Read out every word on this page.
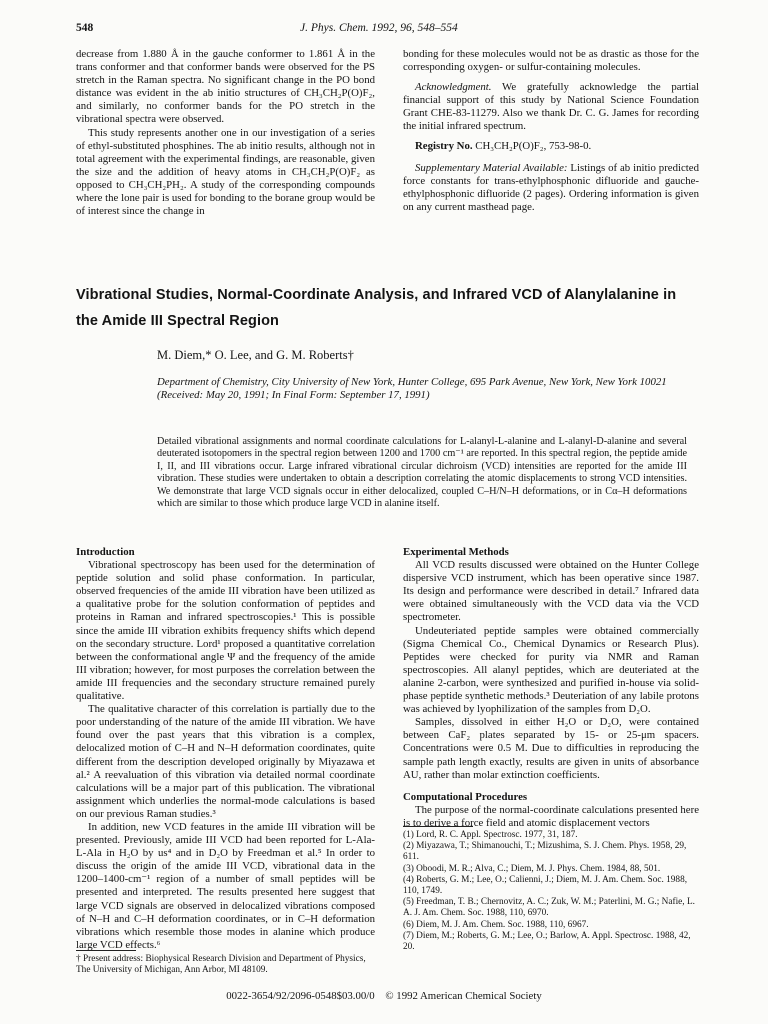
548	J. Phys. Chem. 1992, 96, 548–554

decrease from 1.880 Å in the gauche conformer to 1.861 Å in the trans conformer and that conformer bands were observed for the PS stretch in the Raman spectra. No significant change in the PO bond distance was evident in the ab initio structures of CH₃CH₂P(O)F₂, and similarly, no conformer bands for the PO stretch in the vibrational spectra were observed.

This study represents another one in our investigation of a series of ethyl-substituted phosphines. The ab initio results, although not in total agreement with the experimental findings, are reasonable, given the size and the addition of heavy atoms in CH₃CH₂P(O)F₂ as opposed to CH₃CH₂PH₂. A study of the corresponding compounds where the lone pair is used for bonding to the borane group would be of interest since the change in

bonding for these molecules would not be as drastic as those for the corresponding oxygen- or sulfur-containing molecules.

Acknowledgment. We gratefully acknowledge the partial financial support of this study by National Science Foundation Grant CHE-83-11279. Also we thank Dr. C. G. James for recording the initial infrared spectrum.

Registry No. CH₃CH₂P(O)F₂, 753-98-0.

Supplementary Material Available: Listings of ab initio predicted force constants for trans-ethylphosphonic difluoride and gauche-ethylphosphonic difluoride (2 pages). Ordering information is given on any current masthead page.

Vibrational Studies, Normal-Coordinate Analysis, and Infrared VCD of Alanylalanine in the Amide III Spectral Region
M. Diem,* O. Lee, and G. M. Roberts†
Department of Chemistry, City University of New York, Hunter College, 695 Park Avenue, New York, New York 10021 (Received: May 20, 1991; In Final Form: September 17, 1991)
Detailed vibrational assignments and normal coordinate calculations for L-alanyl-L-alanine and L-alanyl-D-alanine and several deuterated isotopomers in the spectral region between 1200 and 1700 cm⁻¹ are reported. In this spectral region, the peptide amide I, II, and III vibrations occur. Large infrared vibrational circular dichroism (VCD) intensities are reported for the amide III vibration. These studies were undertaken to obtain a description correlating the atomic displacements to strong VCD intensities. We demonstrate that large VCD signals occur in either delocalized, coupled C–H/N–H deformations, or in Cα–H deformations which are similar to those which produce large VCD in alanine itself.

Introduction

Vibrational spectroscopy has been used for the determination of peptide solution and solid phase conformation. In particular, observed frequencies of the amide III vibration have been utilized as a qualitative probe for the solution conformation of peptides and proteins in Raman and infrared spectroscopies.¹ This is possible since the amide III vibration exhibits frequency shifts which depend on the secondary structure. Lord¹ proposed a quantitative correlation between the conformational angle Ψ and the frequency of the amide III vibration; however, for most purposes the correlation between the amide III frequencies and the secondary structure remained purely qualitative.

The qualitative character of this correlation is partially due to the poor understanding of the nature of the amide III vibration. We have found over the past years that this vibration is a complex, delocalized motion of C–H and N–H deformation coordinates, quite different from the description developed originally by Miyazawa et al.² A reevaluation of this vibration via detailed normal coordinate calculations will be a major part of this publication. The vibrational assignment which underlies the normal-mode calculations is based on our previous Raman studies.³

In addition, new VCD features in the amide III vibration will be presented. Previously, amide III VCD had been reported for L-Ala-L-Ala in H₂O by us⁴ and in D₂O by Freedman et al.⁵ In order to discuss the origin of the amide III VCD, vibrational data in the 1200–1400-cm⁻¹ region of a number of small peptides will be presented and interpreted. The results presented here suggest that large VCD signals are observed in delocalized vibrations composed of N–H and C–H deformation coordinates, or in C–H deformation vibrations which resemble those modes in alanine which produce large VCD effects.⁶

† Present address: Biophysical Research Division and Department of Physics, The University of Michigan, Ann Arbor, MI 48109.

Experimental Methods

All VCD results discussed were obtained on the Hunter College dispersive VCD instrument, which has been operative since 1987. Its design and performance were described in detail.⁷ Infrared data were obtained simultaneously with the VCD data via the VCD spectrometer.

Undeuteriated peptide samples were obtained commercially (Sigma Chemical Co., Chemical Dynamics or Research Plus). Peptides were checked for purity via NMR and Raman spectroscopies. All alanyl peptides, which are deuteriated at the alanine 2-carbon, were synthesized and purified in-house via solid-phase peptide synthetic methods.³ Deuteriation of any labile protons was achieved by lyophilization of the samples from D₂O.

Samples, dissolved in either H₂O or D₂O, were contained between CaF₂ plates separated by 15- or 25-μm spacers. Concentrations were 0.5 M. Due to difficulties in reproducing the sample path length exactly, results are given in units of absorbance AU, rather than molar extinction coefficients.

Computational Procedures

The purpose of the normal-coordinate calculations presented here is to derive a force field and atomic displacement vectors

(1) Lord, R. C. Appl. Spectrosc. 1977, 31, 187.
(2) Miyazawa, T.; Shimanouchi, T.; Mizushima, S. J. Chem. Phys. 1958, 29, 611.
(3) Oboodi, M. R.; Alva, C.; Diem, M. J. Phys. Chem. 1984, 88, 501.
(4) Roberts, G. M.; Lee, O.; Calienni, J.; Diem, M. J. Am. Chem. Soc. 1988, 110, 1749.
(5) Freedman, T. B.; Chernovitz, A. C.; Zuk, W. M.; Paterlini, M. G.; Nafie, L. A. J. Am. Chem. Soc. 1988, 110, 6970.
(6) Diem, M. J. Am. Chem. Soc. 1988, 110, 6967.
(7) Diem, M.; Roberts, G. M.; Lee, O.; Barlow, A. Appl. Spectrosc. 1988, 42, 20.
0022-3654/92/2096-0548$03.00/0 © 1992 American Chemical Society
